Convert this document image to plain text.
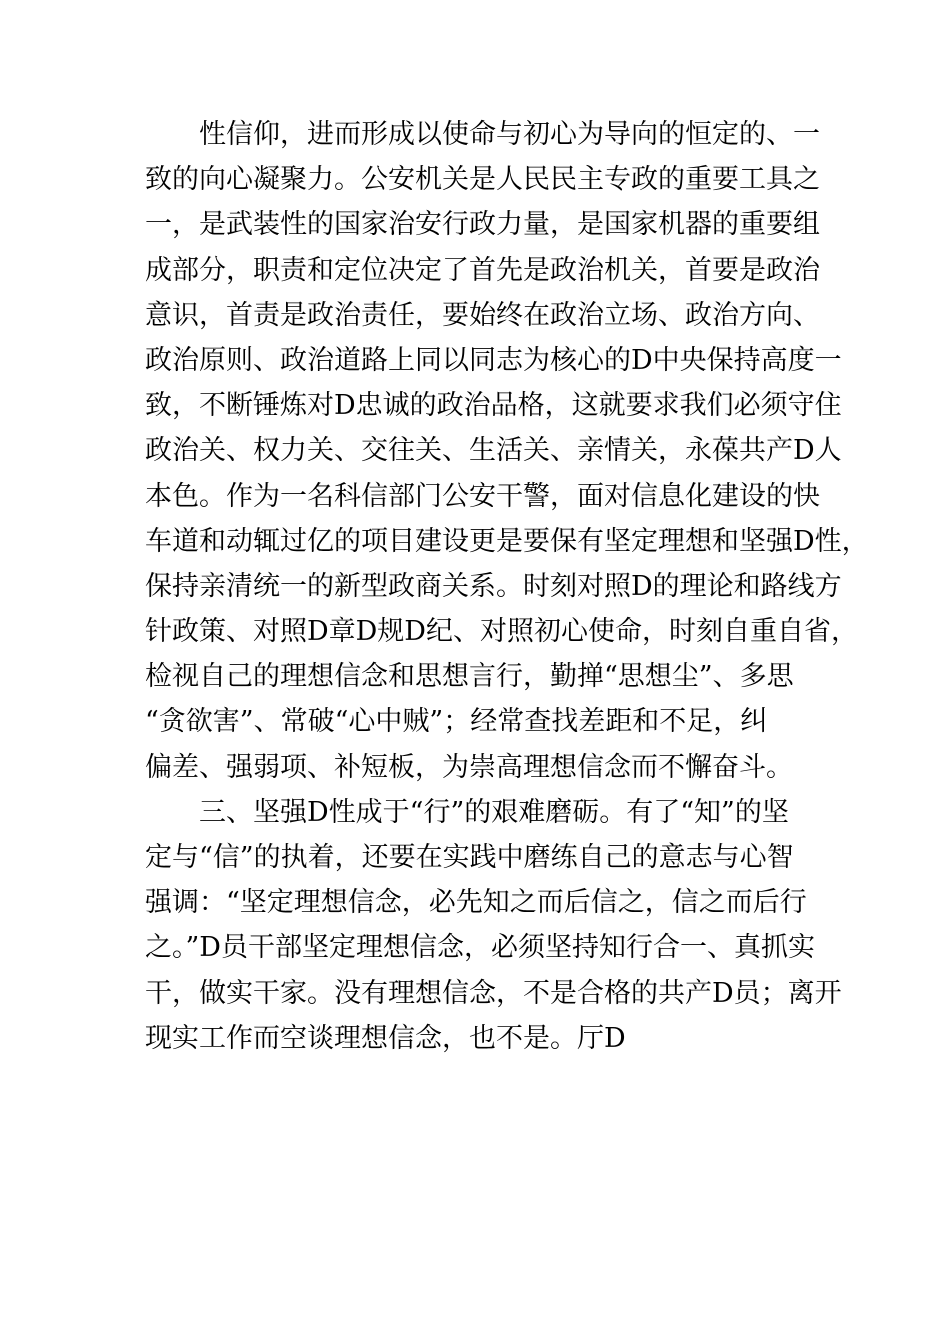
性信仰，进而形成以使命与初心为导向的恒定的、一
致的向心凝聚力。公安机关是人民民主专政的重要工具之
一，是武装性的国家治安行政力量，是国家机器的重要组
成部分，职责和定位决定了首先是政治机关，首要是政治
意识，首责是政治责任，要始终在政治立场、政治方向、
政治原则、政治道路上同以同志为核心的D中央保持高度一
致，不断锤炼对D忠诚的政治品格，这就要求我们必须守住
政治关、权力关、交往关、生活关、亲情关，永葆共产D人
本色。作为一名科信部门公安干警，面对信息化建设的快
车道和动辄过亿的项目建设更是要保有坚定理想和坚强D性，
保持亲清统一的新型政商关系。时刻对照D的理论和路线方
针政策、对照D章D规D纪、对照初心使命，时刻自重自省，
检视自己的理想信念和思想言行，勤掸“思想尘”、多思
“贪欲害”、常破“心中贼”；经常查找差距和不足，纠
偏差、强弱项、补短板，为崇高理想信念而不懈奋斗。
三、坚强D性成于“行”的艰难磨砺。有了“知”的坚
定与“信”的执着，还要在实践中磨练自己的意志与心智
强调：“坚定理想信念，必先知之而后信之，信之而后行
之。”D员干部坚定理想信念，必须坚持知行合一、真抓实
干，做实干家。没有理想信念，不是合格的共产D员；离开
现实工作而空谈理想信念，也不是。厅D
